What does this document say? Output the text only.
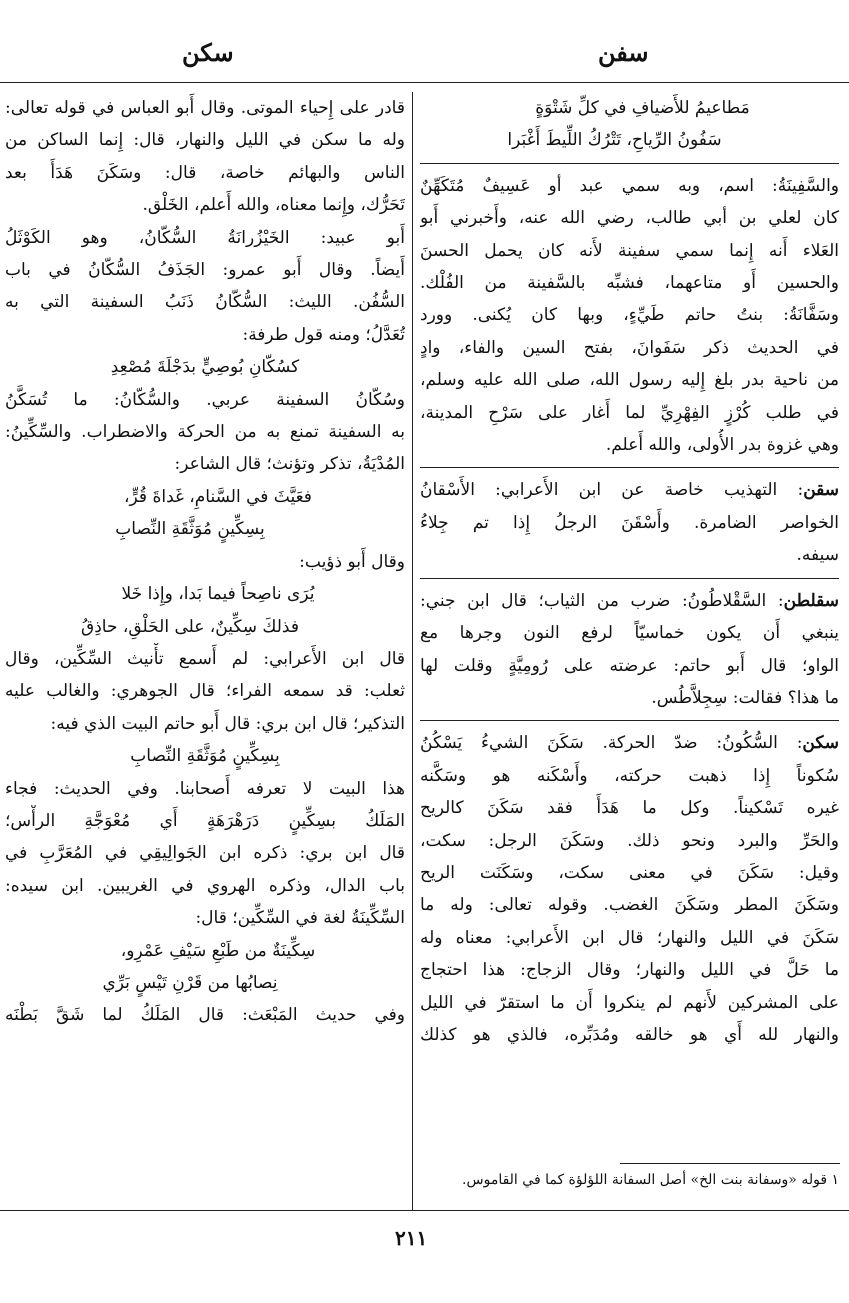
سفن
سكن
مَطاعيمُ للأَضيافِ في كلِّ شَتْوَةٍ
سَفُونُ الرِّياحِ، تَتْرُكُ اللِّيطَ أَغْبَرا
والسَّفِينَةُ: اسم، وبه سمي عبد أو عَسِيفٌ مُتَكَهِّنٌ
كان لعلي بن أبي طالب، رضي الله عنه، وأَخبرني أَبو
العَلاء أَنه إِنما سمي سفينة لأَنه كان يحمل الحسنَ
والحسين أَو متاعهما، فشبِّه بالسَّفينة من الفُلْك.
وسَفَّانَةُ: بنتُ حاتم طَيِّءٍ، وبها كان يُكنى. وورد
في الحديث ذكر سَفَوانَ، بفتح السين والفاء، وادٍ
من ناحية بدر بلغ إِليه رسول الله، صلى الله عليه وسلم،
في طلب كُرْزٍ الفِهْرِيِّ لما أَغار على سَرْحِ المدينة،
وهي غزوة بدر الأُولى، والله أَعلم.
سقن: التهذيب خاصة عن ابن الأَعرابي: الأَسْقانُ
الخواصر الضامرة. وأَسْقَنَ الرجلُ إِذا تم جِلاءُ
سيفه.
سقلطن: السَّقْلاطُونُ: ضرب من الثياب؛ قال ابن جني:
ينبغي أَن يكون خماسيّاً لرفع النون وجرها مع
الواو؛ قال أَبو حاتم: عرضته على رُومِيَّةٍ وقلت لها
ما هذا؟ فقالت: سِجِلاَّطُس.
سكن: السُّكُونُ: ضدّ الحركة. سَكَنَ الشيءُ يَسْكُنُ
سُكوناً إِذا ذهبت حركته، وأَسْكَنه هو وسَكَّنه
غيره تَسْكيناً. وكل ما هَدَأَ فقد سَكَنَ كالريح
والحَرِّ والبرد ونحو ذلك. وسَكَنَ الرجل: سكت،
وقيل: سَكَنَ في معنى سكت، وسَكَنَت الريح
وسَكَنَ المطر وسَكَنَ الغضب. وقوله تعالى: وله ما
سَكَنَ في الليل والنهار؛ قال ابن الأَعرابي: معناه وله
ما حَلَّ في الليل والنهار؛ وقال الزجاج: هذا احتجاج
على المشركين لأَنهم لم ينكروا أَن ما استقرّ في الليل
والنهار لله أَي هو خالقه ومُدَبِّره، فالذي هو كذلك
١ قوله «وسفانة بنت الخ» أصل السفانة اللؤلؤة كما في القاموس.
قادر على إِحياء الموتى. وقال أَبو العباس في قوله تعالى:
وله ما سكن في الليل والنهار، قال: إِنما الساكن من
الناس والبهائم خاصة، قال: وسَكَنَ هَدَأَ بعد
تَحَرُّك، وإِنما معناه، والله أَعلم، الخَلْق.
أَبو عبيد: الخَيْزُرانَةُ السُّكّانُ، وهو الكَوْثَلُ
أَيضاً. وقال أَبو عمرو: الجَذَفُ السُّكّانُ في باب
السُّفُن. الليث: السُّكّانُ ذَنَبُ السفينة التي به
تُعَدَّلُ؛ ومنه قول طرفة:
كسُكّانِ بُوصِيٍّ بدَجْلَةَ مُصْعِدِ
وسُكّانُ السفينة عربي. والسُّكّانُ: ما تُسَكَّنُ
به السفينة تمنع به من الحركة والاضطراب. والسِّكِّينُ:
المُدْيَةُ، تذكر وتؤنث؛ قال الشاعر:
فعَيَّثَ في السَّنامِ، غَداةَ قُرٍّ،
بِسِكِّينٍ مُوَثَّقَةِ النِّصابِ
وقال أَبو ذؤيب:
يُرَى ناصِحاً فيما بَدا، وإِذا خَلا
فذلكَ سِكِّينٌ، على الحَلْقِ، حاذِقُ
قال ابن الأَعرابي: لم أَسمع تأْنيث السِّكِّين، وقال
ثعلب: قد سمعه الفراء؛ قال الجوهري: والغالب عليه
التذكير؛ قال ابن بري: قال أَبو حاتم البيت الذي فيه:
بِسِكِّينٍ مُوَثَّقَةِ النِّصابِ
هذا البيت لا تعرفه أَصحابنا. وفي الحديث: فجاء
المَلَكُ بسِكِّينٍ دَرَهْرَهَةٍ أَي مُعْوَجَّةِ الرأْس؛
قال ابن بري: ذكره ابن الجَوالِيقِي في المُعَرَّبِ في
باب الدال، وذكره الهروي في الغريبين. ابن سيده:
السِّكِّينَةُ لغة في السِّكِّين؛ قال:
سِكِّينَةٌ من طَبْعِ سَيْفِ عَمْرِو،
نِصابُها من قَرْنِ تَيْسٍ بَرِّي
وفي حديث المَبْعَث: قال المَلَكُ لما شَقَّ بَطْنَه
٢١١
